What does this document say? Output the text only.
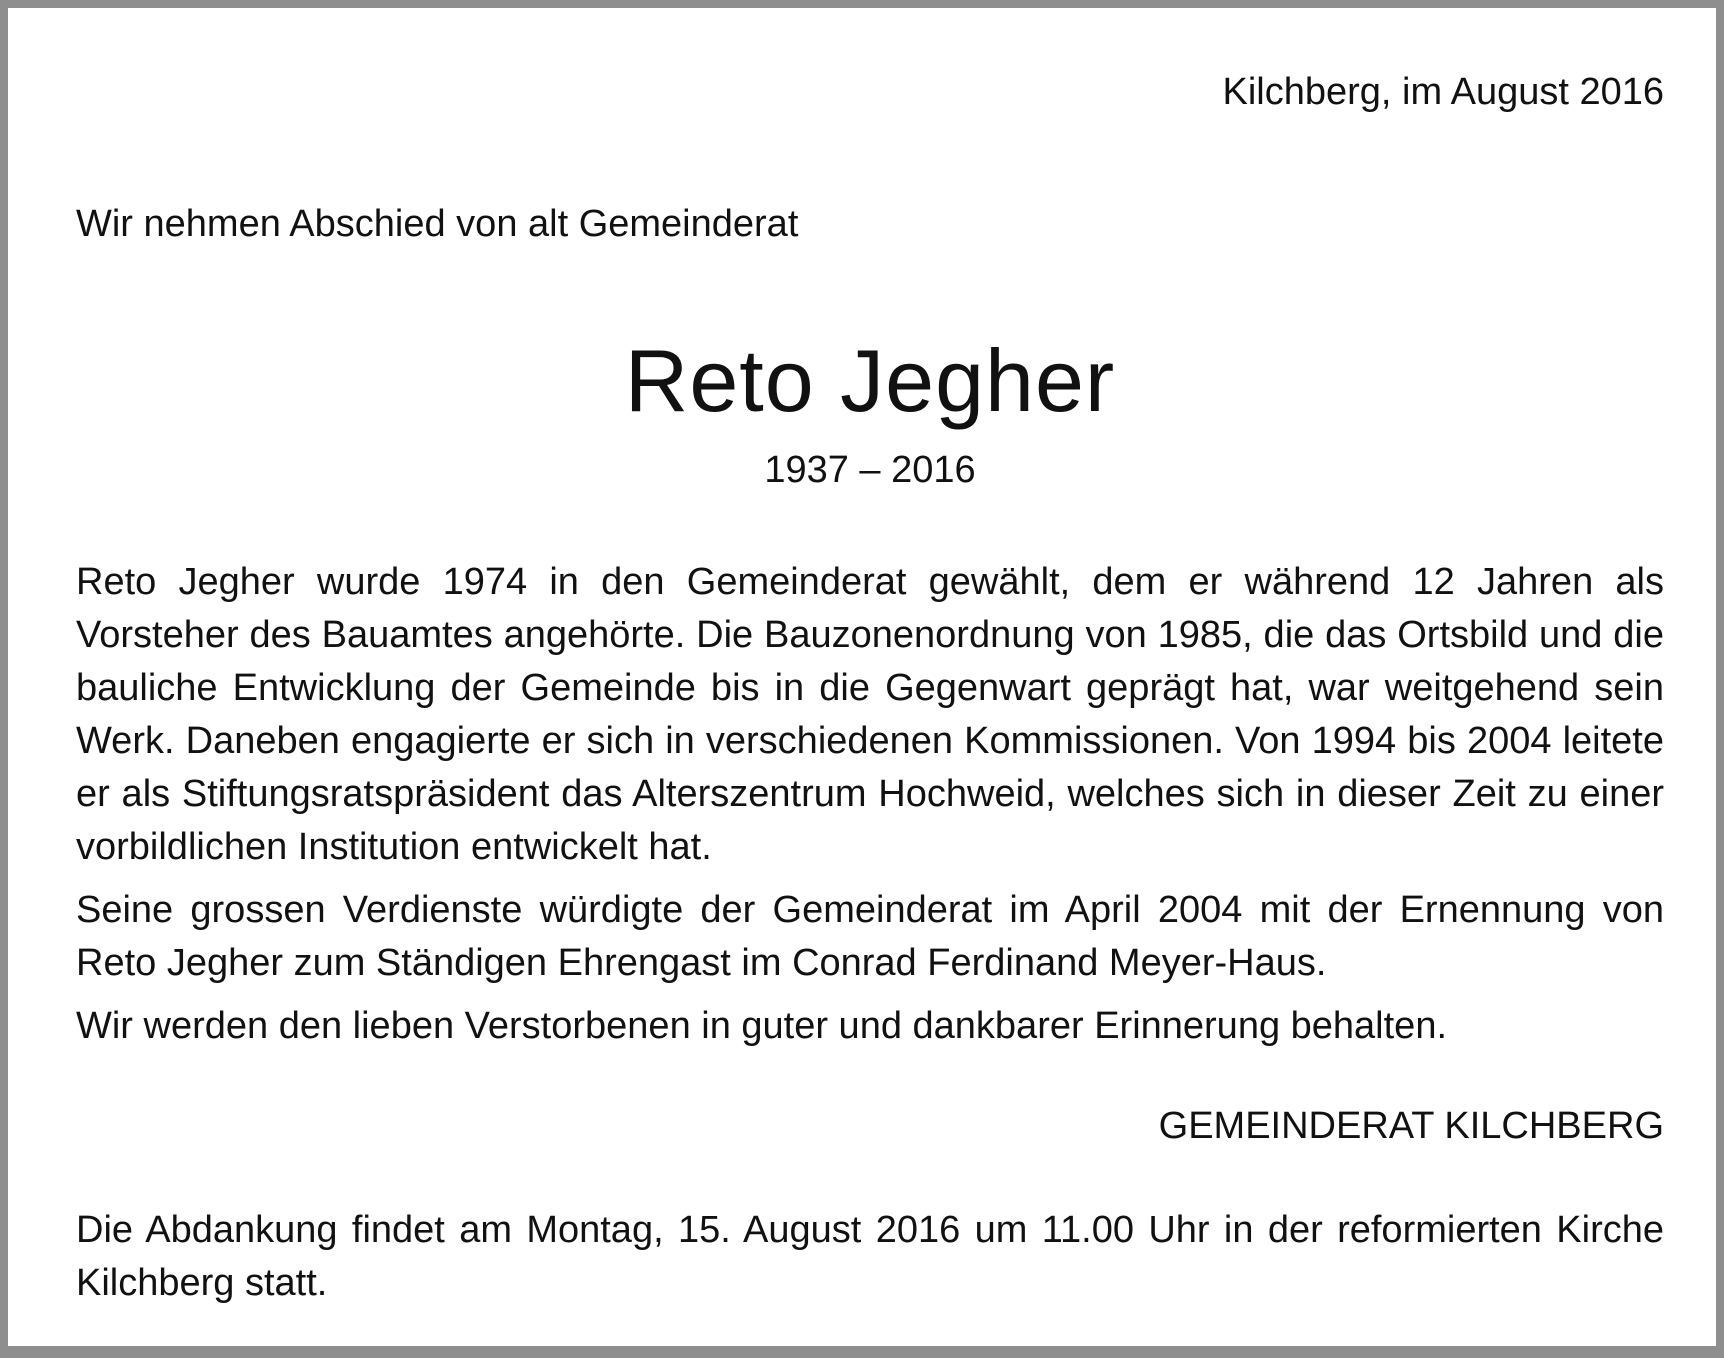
Kilchberg, im August 2016
Wir nehmen Abschied von alt Gemeinderat
Reto Jegher
1937 – 2016

Reto Jegher wurde 1974 in den Gemeinderat gewählt, dem er während 12 Jahren als Vorsteher des Bauamtes angehörte. Die Bauzonenordnung von 1985, die das Ortsbild und die bauliche Entwicklung der Gemeinde bis in die Gegenwart geprägt hat, war weitgehend sein Werk. Daneben engagierte er sich in verschiedenen Kommissionen. Von 1994 bis 2004 leitete er als Stiftungsratspräsident das Alterszentrum Hochweid, welches sich in dieser Zeit zu einer vorbildlichen Institution entwickelt hat.

Seine grossen Verdienste würdigte der Gemeinderat im April 2004 mit der Ernennung von Reto Jegher zum Ständigen Ehrengast im Conrad Ferdinand Meyer-Haus.

Wir werden den lieben Verstorbenen in guter und dankbarer Erinnerung behalten.

GEMEINDERAT KILCHBERG
Die Abdankung findet am Montag, 15. August 2016 um 11.00 Uhr in der reformierten Kirche Kilchberg statt.
